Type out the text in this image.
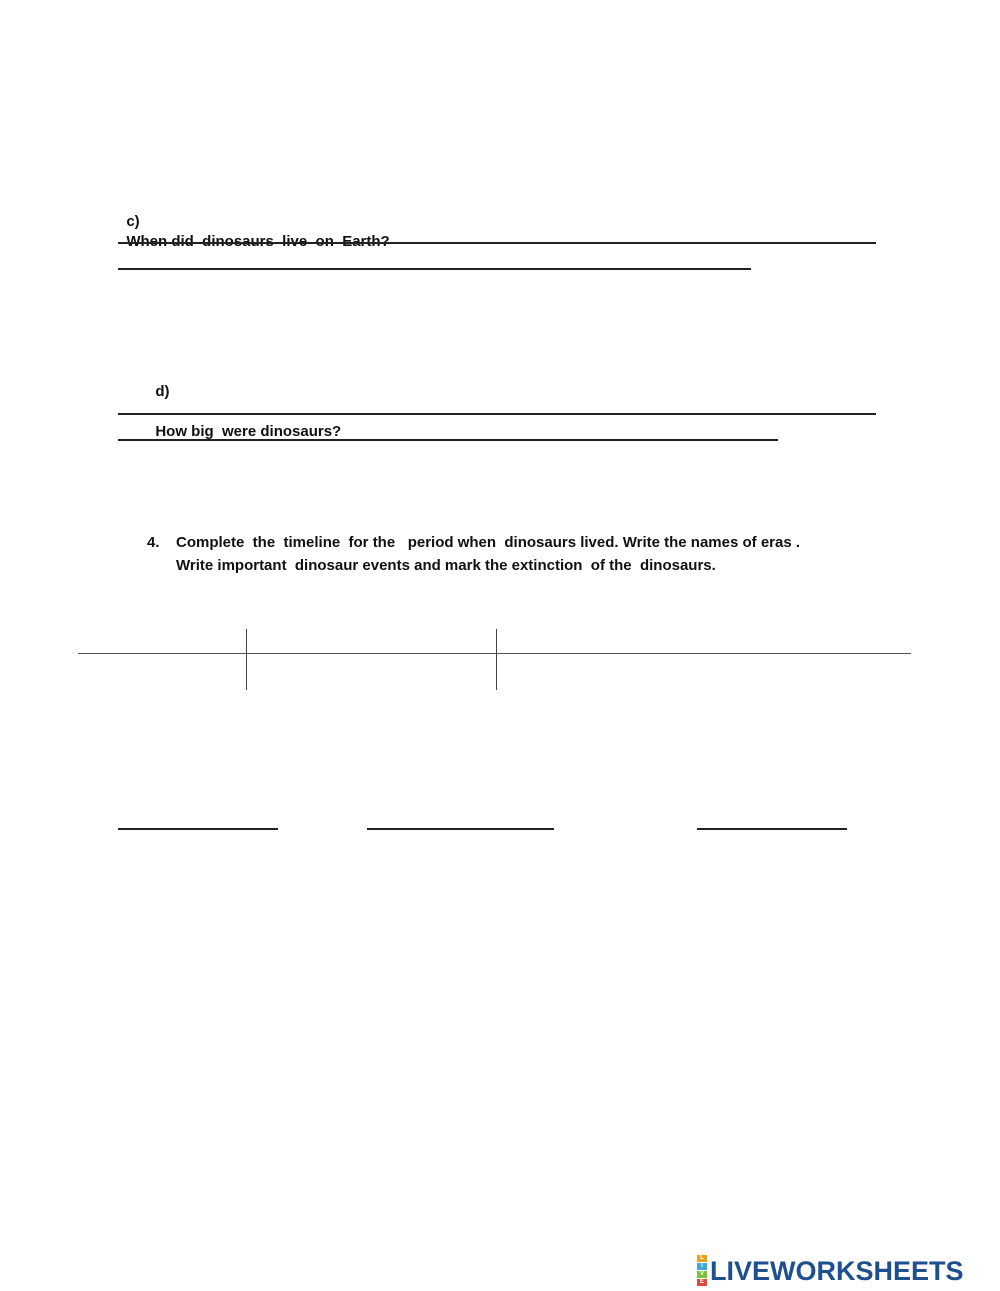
c)
When did  dinosaurs  live  on  Earth?

d)

How big  were dinosaurs?

4. Complete  the  timeline  for the   period when  dinosaurs lived. Write the names of eras .
Write important  dinosaur events and mark the extinction  of the  dinosaurs.
L
I
V
E LIVEWORKSHEETS
